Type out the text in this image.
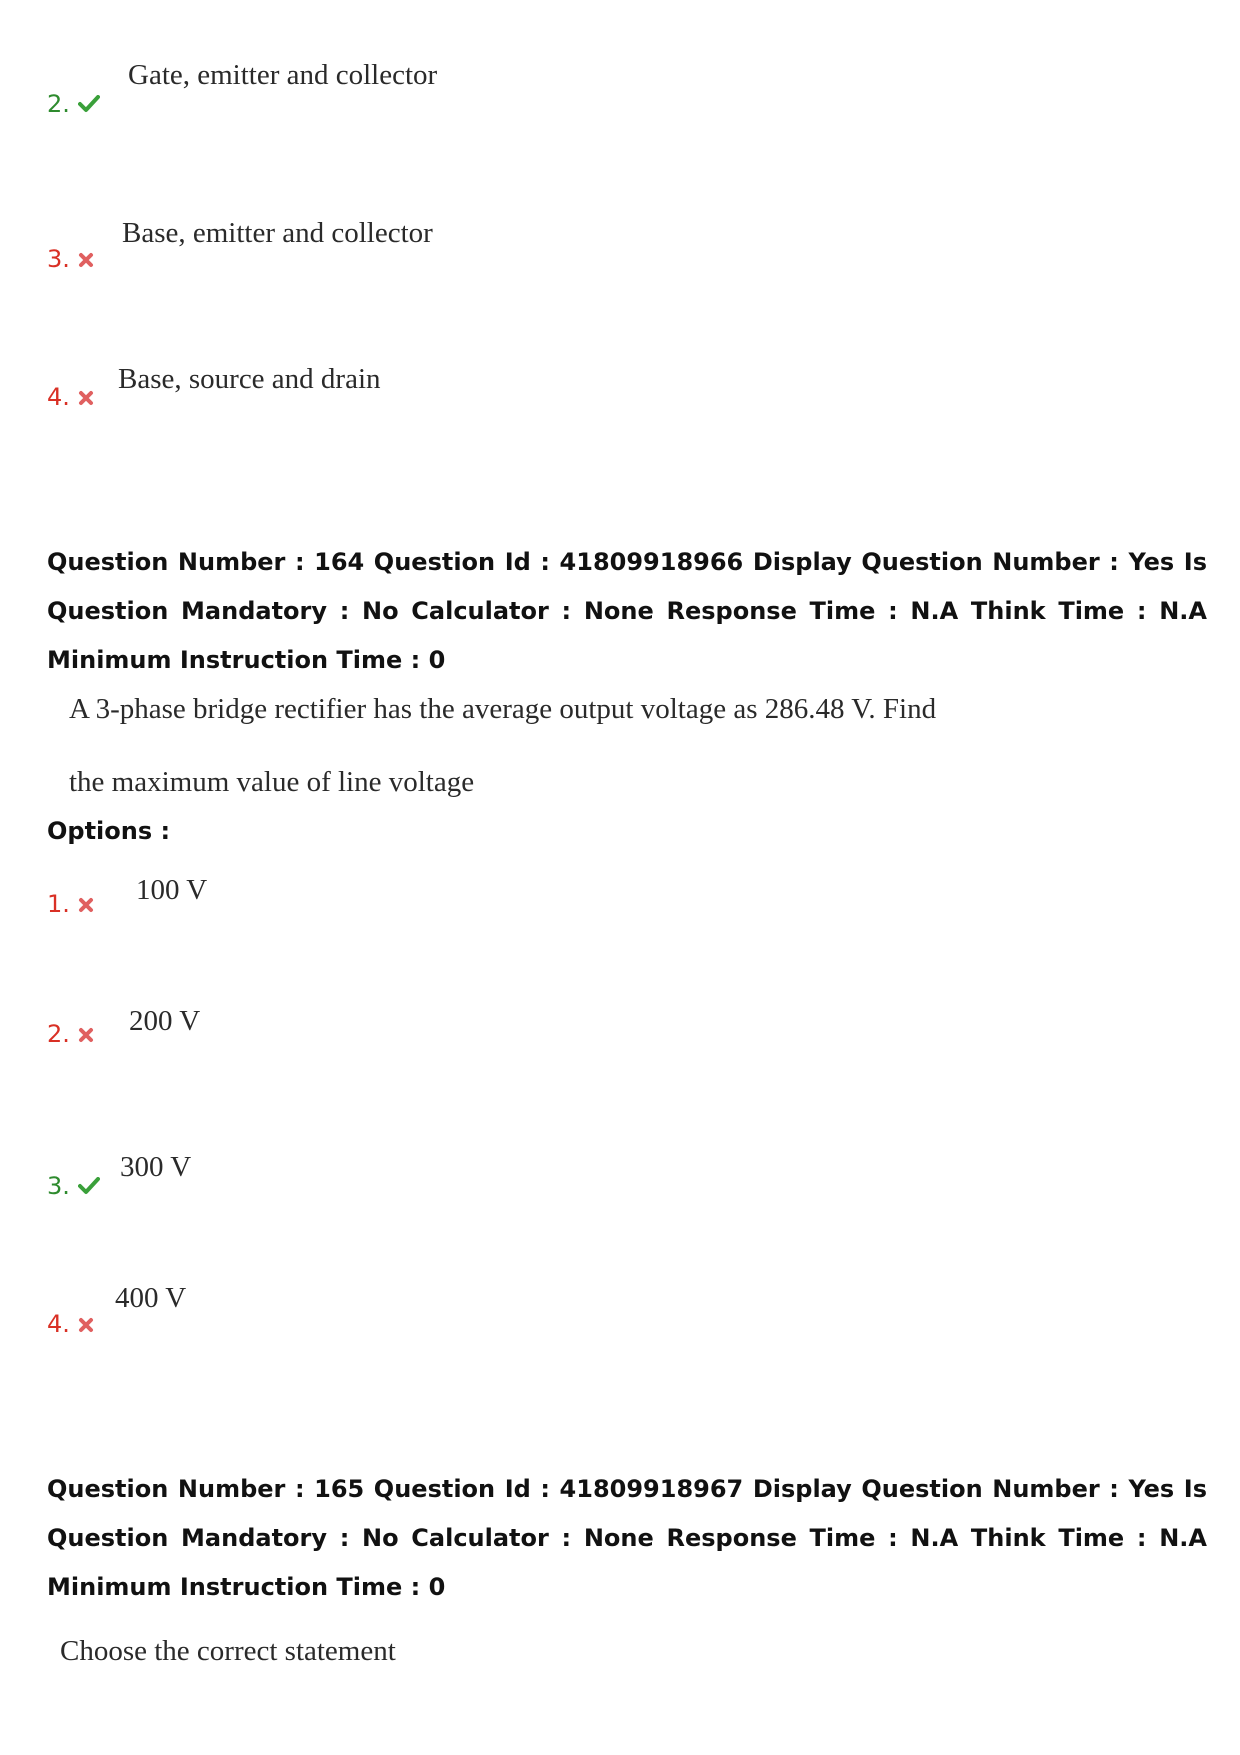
2.
Gate, emitter and collector
3.
Base, emitter and collector
4.
Base, source and drain
Question Number : 164 Question Id : 41809918966 Display Question Number : Yes Is Question Mandatory : No Calculator : None Response Time : N.A Think Time : N.A Minimum Instruction Time : 0
A 3-phase bridge rectifier has the average output voltage as 286.48 V. Find
the maximum value of line voltage
Options :
1.	100 V
2.	200 V
3.
300 V
4.
400 V
Question Number : 165 Question Id : 41809918967 Display Question Number : Yes Is Question Mandatory : No Calculator : None Response Time : N.A Think Time : N.A Minimum Instruction Time : 0
Choose the correct statement
